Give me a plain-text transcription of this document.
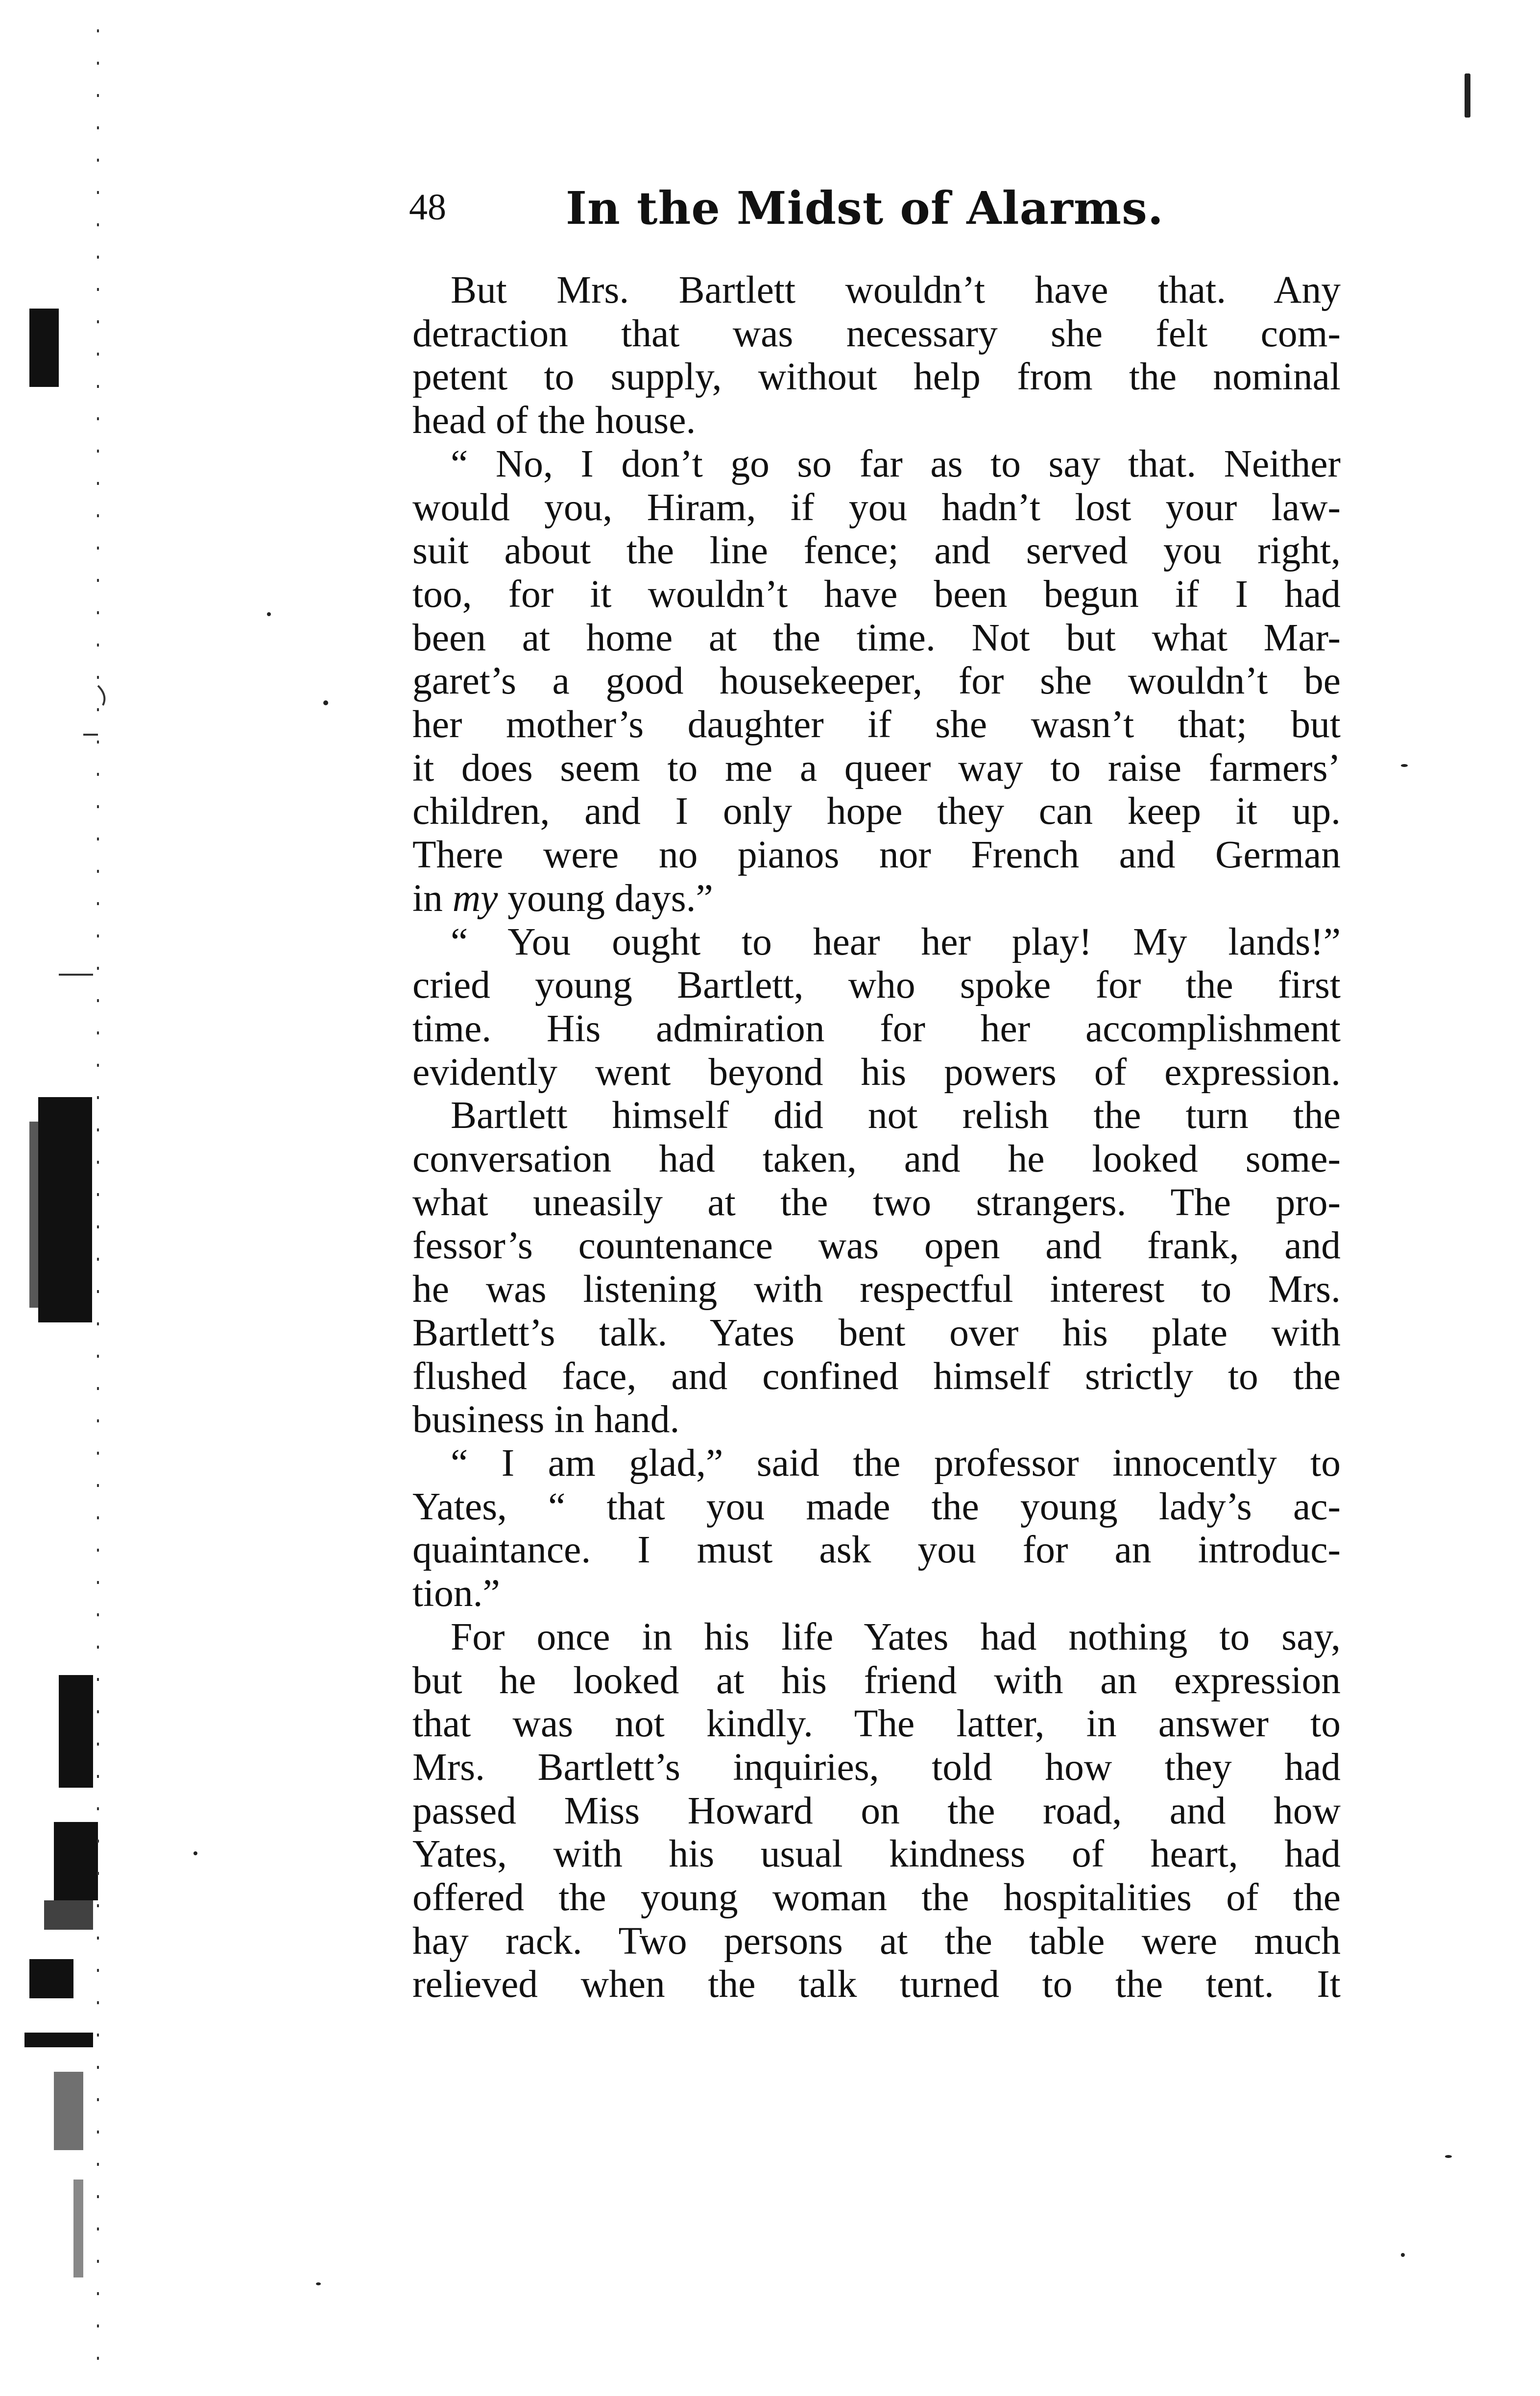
48	In the Midst of Alarms.

But Mrs. Bartlett wouldn’t have that. Any
detraction that was necessary she felt com-
petent to supply, without help from the nominal
head of the house.

“ No, I don’t go so far as to say that. Neither
would you, Hiram, if you hadn’t lost your law-
suit about the line fence; and served you right,
too, for it wouldn’t have been begun if I had
been at home at the time. Not but what Mar-
garet’s a good housekeeper, for she wouldn’t be
her mother’s daughter if she wasn’t that; but
it does seem to me a queer way to raise farmers’
children, and I only hope they can keep it up.
There were no pianos nor French and German
in my young days.”

“ You ought to hear her play! My lands!”
cried young Bartlett, who spoke for the first
time. His admiration for her accomplishment
evidently went beyond his powers of expression.

Bartlett himself did not relish the turn the
conversation had taken, and he looked some-
what uneasily at the two strangers. The pro-
fessor’s countenance was open and frank, and
he was listening with respectful interest to Mrs.
Bartlett’s talk. Yates bent over his plate with
flushed face, and confined himself strictly to the
business in hand.

“ I am glad,” said the professor innocently to
Yates, “ that you made the young lady’s ac-
quaintance. I must ask you for an introduc-
tion.”

For once in his life Yates had nothing to say,
but he looked at his friend with an expression
that was not kindly. The latter, in answer to
Mrs. Bartlett’s inquiries, told how they had
passed Miss Howard on the road, and how
Yates, with his usual kindness of heart, had
offered the young woman the hospitalities of the
hay rack. Two persons at the table were much
relieved when the talk turned to the tent. It
